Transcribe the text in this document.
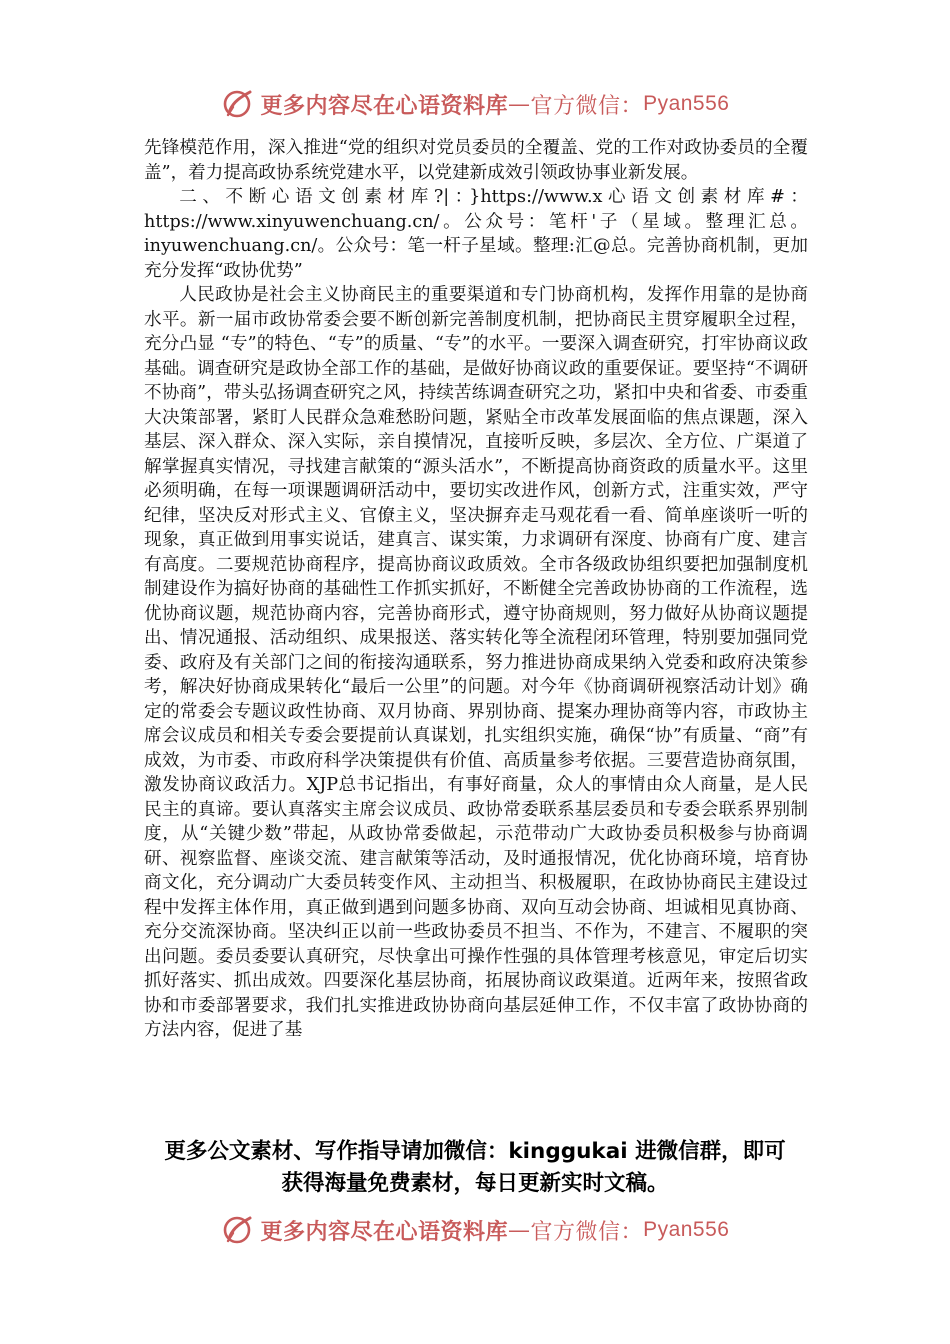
更多内容尽在心语资料库 — 官方微信： Pyan556

先锋模范作用，深入推进“党的组织对党员委员的全覆盖、党的工作对政协委员的全覆盖”，着力提高政协系统党建水平，以党建新成效引领政协事业新发展。

二、不断心语文创素材库?|：}https://www.x心语文创素材库#：https://www.xinyuwenchuang.cn/。公众号：笔杆'子（星域。整理汇总。inyuwenchuang.cn/。公众号：笔一杆子星域。整理:汇@总。完善协商机制，更加充分发挥“政协优势”

人民政协是社会主义协商民主的重要渠道和专门协商机构，发挥作用靠的是协商水平。新一届市政协常委会要不断创新完善制度机制，把协商民主贯穿履职全过程，充分凸显 “专”的特色、“专”的质量、“专”的水平。一要深入调查研究，打牢协商议政基础。调查研究是政协全部工作的基础，是做好协商议政的重要保证。要坚持“不调研不协商”，带头弘扬调查研究之风，持续苦练调查研究之功，紧扣中央和省委、市委重大决策部署，紧盯人民群众急难愁盼问题，紧贴全市改革发展面临的焦点课题，深入基层、深入群众、深入实际，亲自摸情况，直接听反映，多层次、全方位、广渠道了解掌握真实情况，寻找建言献策的“源头活水”，不断提高协商资政的质量水平。这里必须明确，在每一项课题调研活动中，要切实改进作风，创新方式，注重实效，严守纪律，坚决反对形式主义、官僚主义，坚决摒弃走马观花看一看、简单座谈听一听的现象，真正做到用事实说话，建真言、谋实策，力求调研有深度、协商有广度、建言有高度。二要规范协商程序，提高协商议政质效。全市各级政协组织要把加强制度机制建设作为搞好协商的基础性工作抓实抓好，不断健全完善政协协商的工作流程，选优协商议题，规范协商内容，完善协商形式，遵守协商规则，努力做好从协商议题提出、情况通报、活动组织、成果报送、落实转化等全流程闭环管理，特别要加强同党委、政府及有关部门之间的衔接沟通联系，努力推进协商成果纳入党委和政府决策参考，解决好协商成果转化“最后一公里”的问题。对今年《协商调研视察活动计划》确定的常委会专题议政性协商、双月协商、界别协商、提案办理协商等内容，市政协主席会议成员和相关专委会要提前认真谋划，扎实组织实施，确保“协”有质量、“商”有成效，为市委、市政府科学决策提供有价值、高质量参考依据。三要营造协商氛围，激发协商议政活力。XJP总书记指出，有事好商量，众人的事情由众人商量，是人民民主的真谛。要认真落实主席会议成员、政协常委联系基层委员和专委会联系界别制度，从“关键少数”带起，从政协常委做起，示范带动广大政协委员积极参与协商调研、视察监督、座谈交流、建言献策等活动，及时通报情况，优化协商环境，培育协商文化，充分调动广大委员转变作风、主动担当、积极履职，在政协协商民主建设过程中发挥主体作用，真正做到遇到问题多协商、双向互动会协商、坦诚相见真协商、充分交流深协商。坚决纠正以前一些政协委员不担当、不作为，不建言、不履职的突出问题。委员委要认真研究，尽快拿出可操作性强的具体管理考核意见，审定后切实抓好落实、抓出成效。四要深化基层协商，拓展协商议政渠道。近两年来，按照省政协和市委部署要求，我们扎实推进政协协商向基层延伸工作，不仅丰富了政协协商的方法内容，促进了基

更多公文素材、写作指导请加微信：kinggukai 进微信群，即可

获得海量免费素材，每日更新实时文稿。

更多内容尽在心语资料库 — 官方微信： Pyan556
